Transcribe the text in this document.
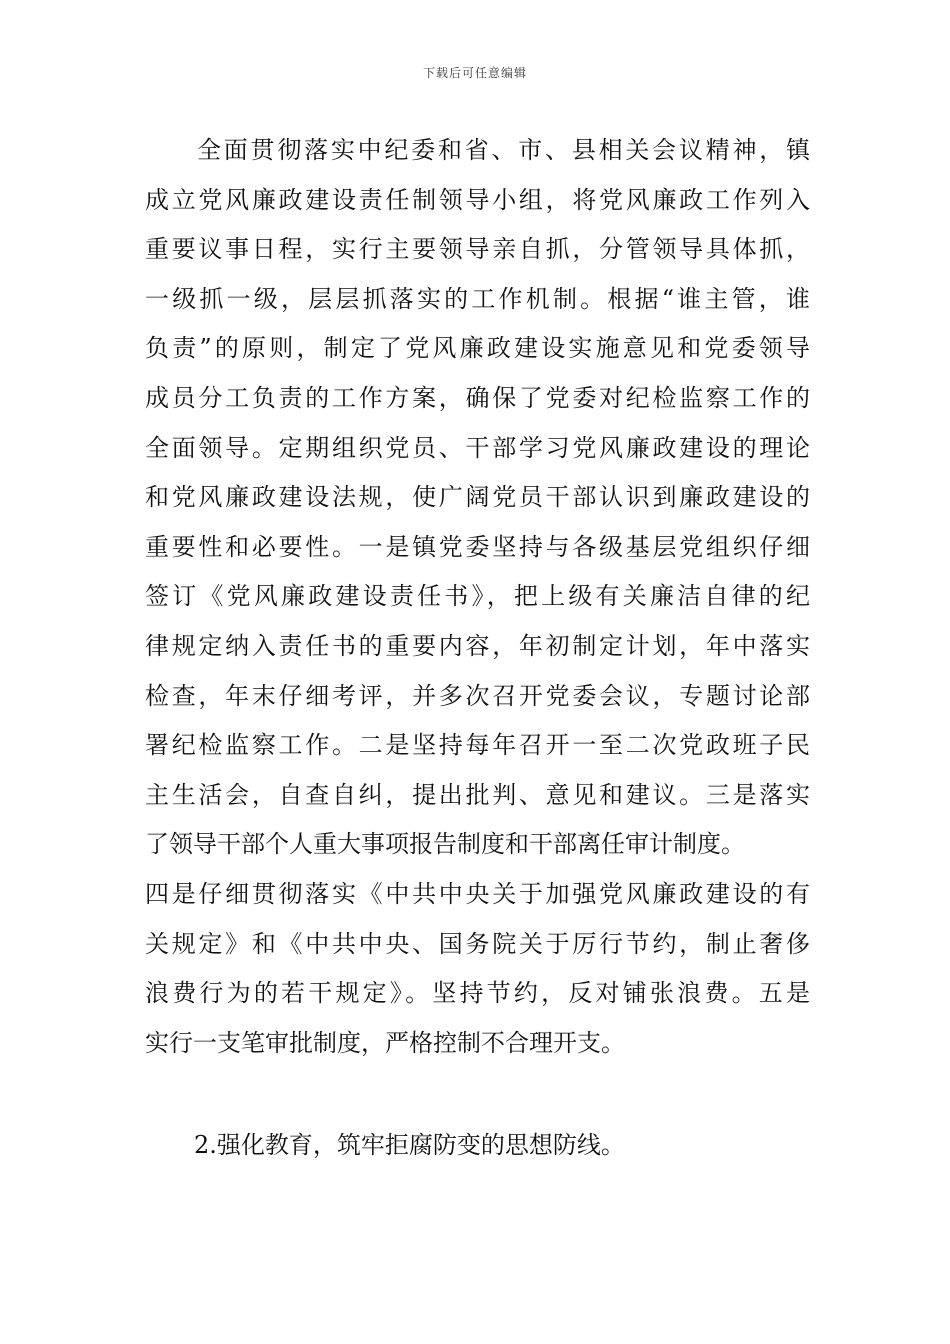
下载后可任意编辑
全面贯彻落实中纪委和省、市、县相关会议精神，镇
成立党风廉政建设责任制领导小组，将党风廉政工作列入
重要议事日程，实行主要领导亲自抓，分管领导具体抓，
一级抓一级，层层抓落实的工作机制。根据“谁主管，谁
负责”的原则，制定了党风廉政建设实施意见和党委领导
成员分工负责的工作方案，确保了党委对纪检监察工作的
全面领导。定期组织党员、干部学习党风廉政建设的理论
和党风廉政建设法规，使广阔党员干部认识到廉政建设的
重要性和必要性。一是镇党委坚持与各级基层党组织仔细
签订《党风廉政建设责任书》，把上级有关廉洁自律的纪
律规定纳入责任书的重要内容，年初制定计划，年中落实
检查，年末仔细考评，并多次召开党委会议，专题讨论部
署纪检监察工作。二是坚持每年召开一至二次党政班子民
主生活会，自查自纠，提出批判、意见和建议。三是落实
了领导干部个人重大事项报告制度和干部离任审计制度。
四是仔细贯彻落实《中共中央关于加强党风廉政建设的有
关规定》和《中共中央、国务院关于厉行节约，制止奢侈
浪费行为的若干规定》。坚持节约，反对铺张浪费。五是
实行一支笔审批制度，严格控制不合理开支。
2.强化教育，筑牢拒腐防变的思想防线。
